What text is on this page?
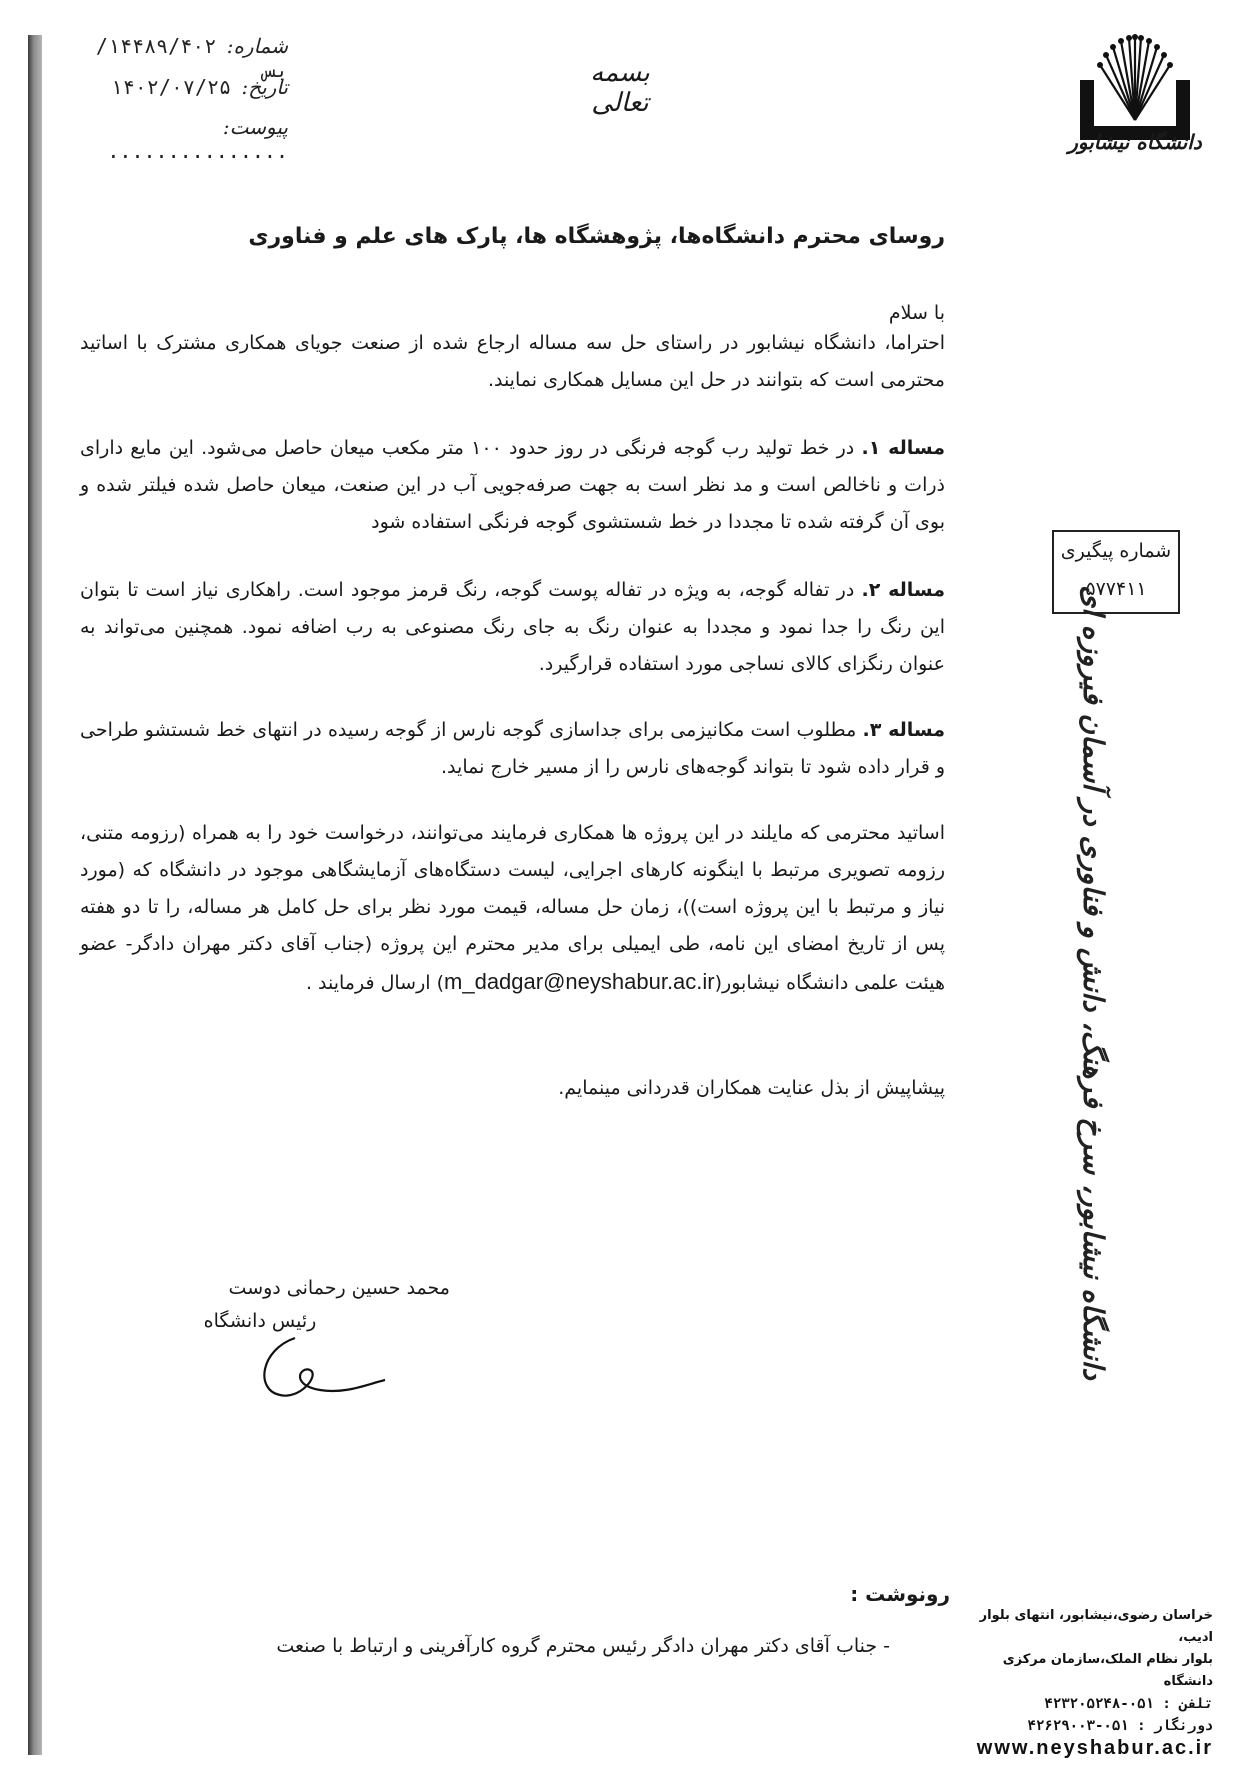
شماره: ۱۴۴۸۹/۴۰۲/بس
تاریخ: ۱۴۰۲/۰۷/۲۵
پیوست: ...............
بسمه تعالی
دانشگاه نیشابور
روسای محترم دانشگاه‌ها، پژوهشگاه ها، پارک های علم و فناوری
با سلام

احتراما، دانشگاه نیشابور در راستای حل سه مساله ارجاع شده از صنعت جویای همکاری مشترک با اساتید محترمی است که بتوانند در حل این مسایل همکاری نمایند.

مساله ۱. در خط تولید رب گوجه فرنگی در روز حدود ۱۰۰ متر مکعب میعان حاصل می‌شود. این مایع دارای ذرات و ناخالص است و مد نظر است به جهت صرفه‌جویی آب در این صنعت، میعان حاصل شده فیلتر شده و بوی آن گرفته شده تا مجددا در خط شستشوی گوجه فرنگی استفاده شود

مساله ۲. در تفاله گوجه، به ویژه در تفاله پوست گوجه، رنگ قرمز موجود است. راهکاری نیاز است تا بتوان این رنگ را جدا نمود و مجددا به عنوان رنگ به جای رنگ مصنوعی به رب اضافه نمود. همچنین می‌تواند به عنوان رنگزای کالای نساجی مورد استفاده قرارگیرد.

مساله ۳. مطلوب است مکانیزمی برای جداسازی گوجه نارس از گوجه رسیده در انتهای خط شستشو طراحی و قرار داده شود تا بتواند گوجه‌های نارس را از مسیر خارج نماید.

اساتید محترمی که مایلند در این پروژه ها همکاری فرمایند می‌توانند، درخواست خود را به همراه (رزومه متنی، رزومه تصویری مرتبط با اینگونه کارهای اجرایی، لیست دستگاه‌های آزمایشگاهی موجود در دانشگاه که (مورد نیاز و مرتبط با این پروژه است))، زمان حل مساله، قیمت مورد نظر برای حل کامل هر مساله، را تا دو هفته پس از تاریخ امضای این نامه، طی ایمیلی برای مدیر محترم این پروژه (جناب آقای دکتر مهران دادگر- عضو هیئت علمی دانشگاه نیشابور(m_dadgar@neyshabur.ac.ir) ارسال فرمایند .

پیشاپیش از بذل عنایت همکاران قدردانی مینمایم.
شماره پیگیری
۵۷۷۴۱۱
دانشگاه نیشابور، سرخ فرهنگ، دانش و فناوری در آسمان فیروزه ای
محمد حسین رحمانی دوست
رئیس دانشگاه
رونوشت :
- جناب آقای دکتر مهران دادگر رئیس محترم گروه کارآفرینی و ارتباط با صنعت
خراسان رضوی،نیشابور، انتهای بلوار ادیب،
بلوار نظام الملک،سازمان مرکزی دانشگاه
تلفن : ۰۵۱-۴۲۳۲۰۵۲۴۸
دورنگار : ۰۵۱-۴۲۶۲۹۰۰۳
www.neyshabur.ac.ir
